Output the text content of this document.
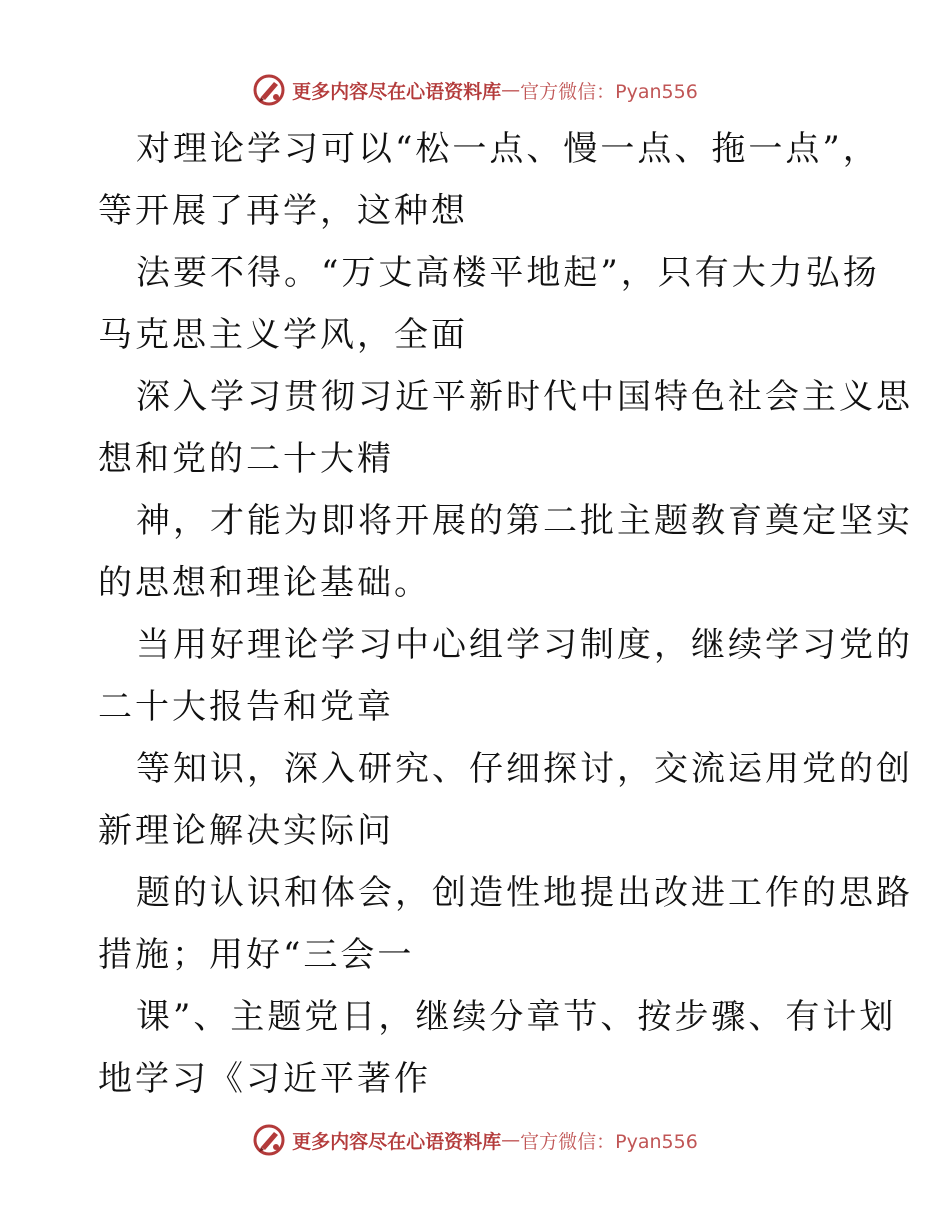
更多内容尽在心语资料库 — 官方微信：Pyan556
对理论学习可以“松一点、慢一点、拖一点”，
等开展了再学，这种想
法要不得。“万丈高楼平地起”，只有大力弘扬
马克思主义学风，全面
深入学习贯彻习近平新时代中国特色社会主义思
想和党的二十大精
神，才能为即将开展的第二批主题教育奠定坚实
的思想和理论基础。
当用好理论学习中心组学习制度，继续学习党的
二十大报告和党章
等知识，深入研究、仔细探讨，交流运用党的创
新理论解决实际问
题的认识和体会，创造性地提出改进工作的思路
措施；用好“三会一
课”、主题党日，继续分章节、按步骤、有计划
地学习《习近平著作
更多内容尽在心语资料库 — 官方微信：Pyan556
